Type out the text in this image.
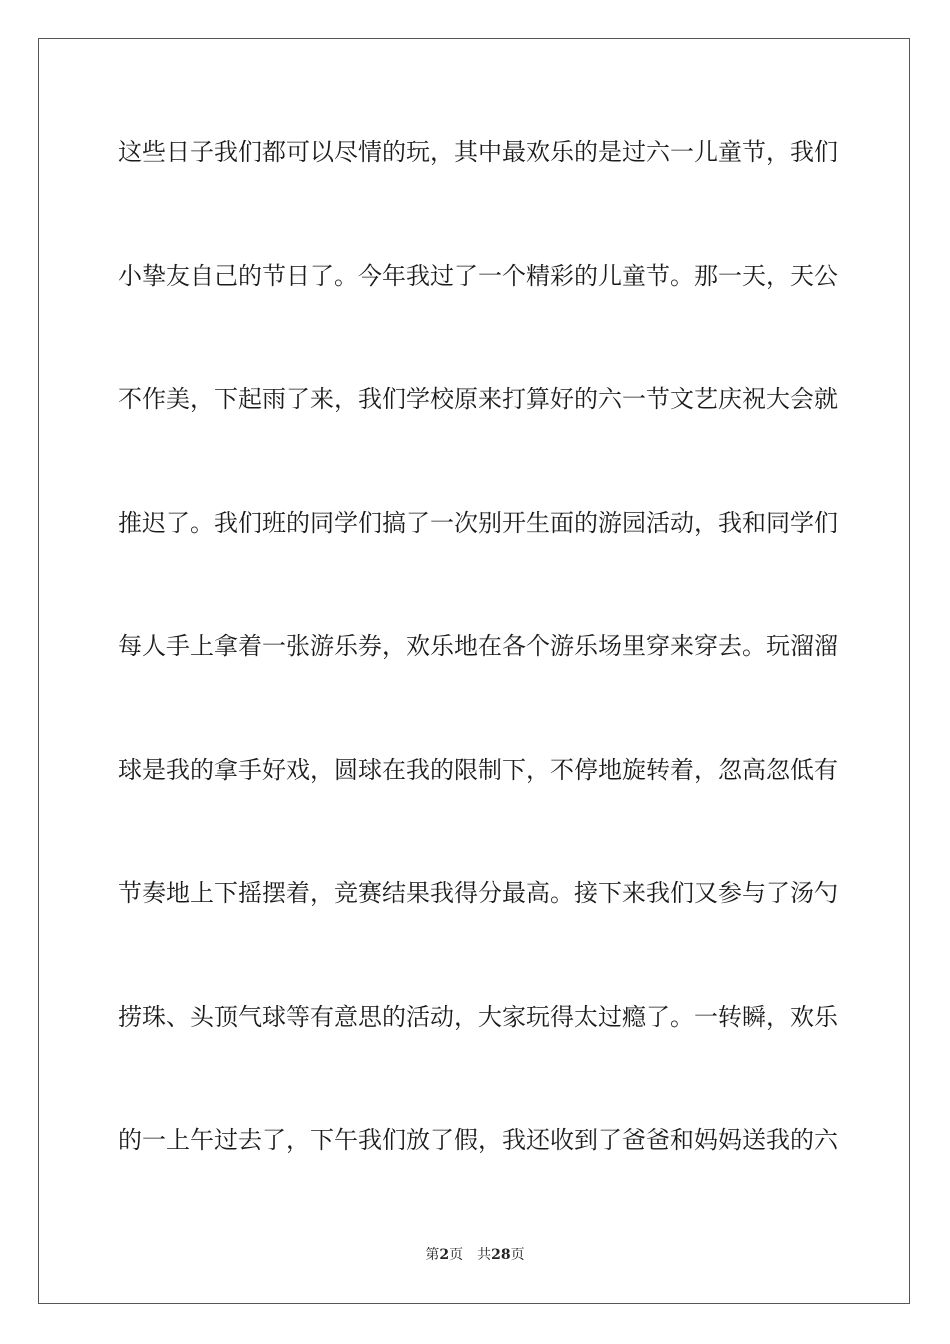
这些日子我们都可以尽情的玩，其中最欢乐的是过六一儿童节，我们
小挚友自己的节日了。今年我过了一个精彩的儿童节。那一天，天公
不作美，下起雨了来，我们学校原来打算好的六一节文艺庆祝大会就
推迟了。我们班的同学们搞了一次别开生面的游园活动，我和同学们
每人手上拿着一张游乐券，欢乐地在各个游乐场里穿来穿去。玩溜溜
球是我的拿手好戏，圆球在我的限制下，不停地旋转着，忽高忽低有
节奏地上下摇摆着，竞赛结果我得分最高。接下来我们又参与了汤勺
捞珠、头顶气球等有意思的活动，大家玩得太过瘾了。一转瞬，欢乐
的一上午过去了，下午我们放了假，我还收到了爸爸和妈妈送我的六
第2页 共28页
